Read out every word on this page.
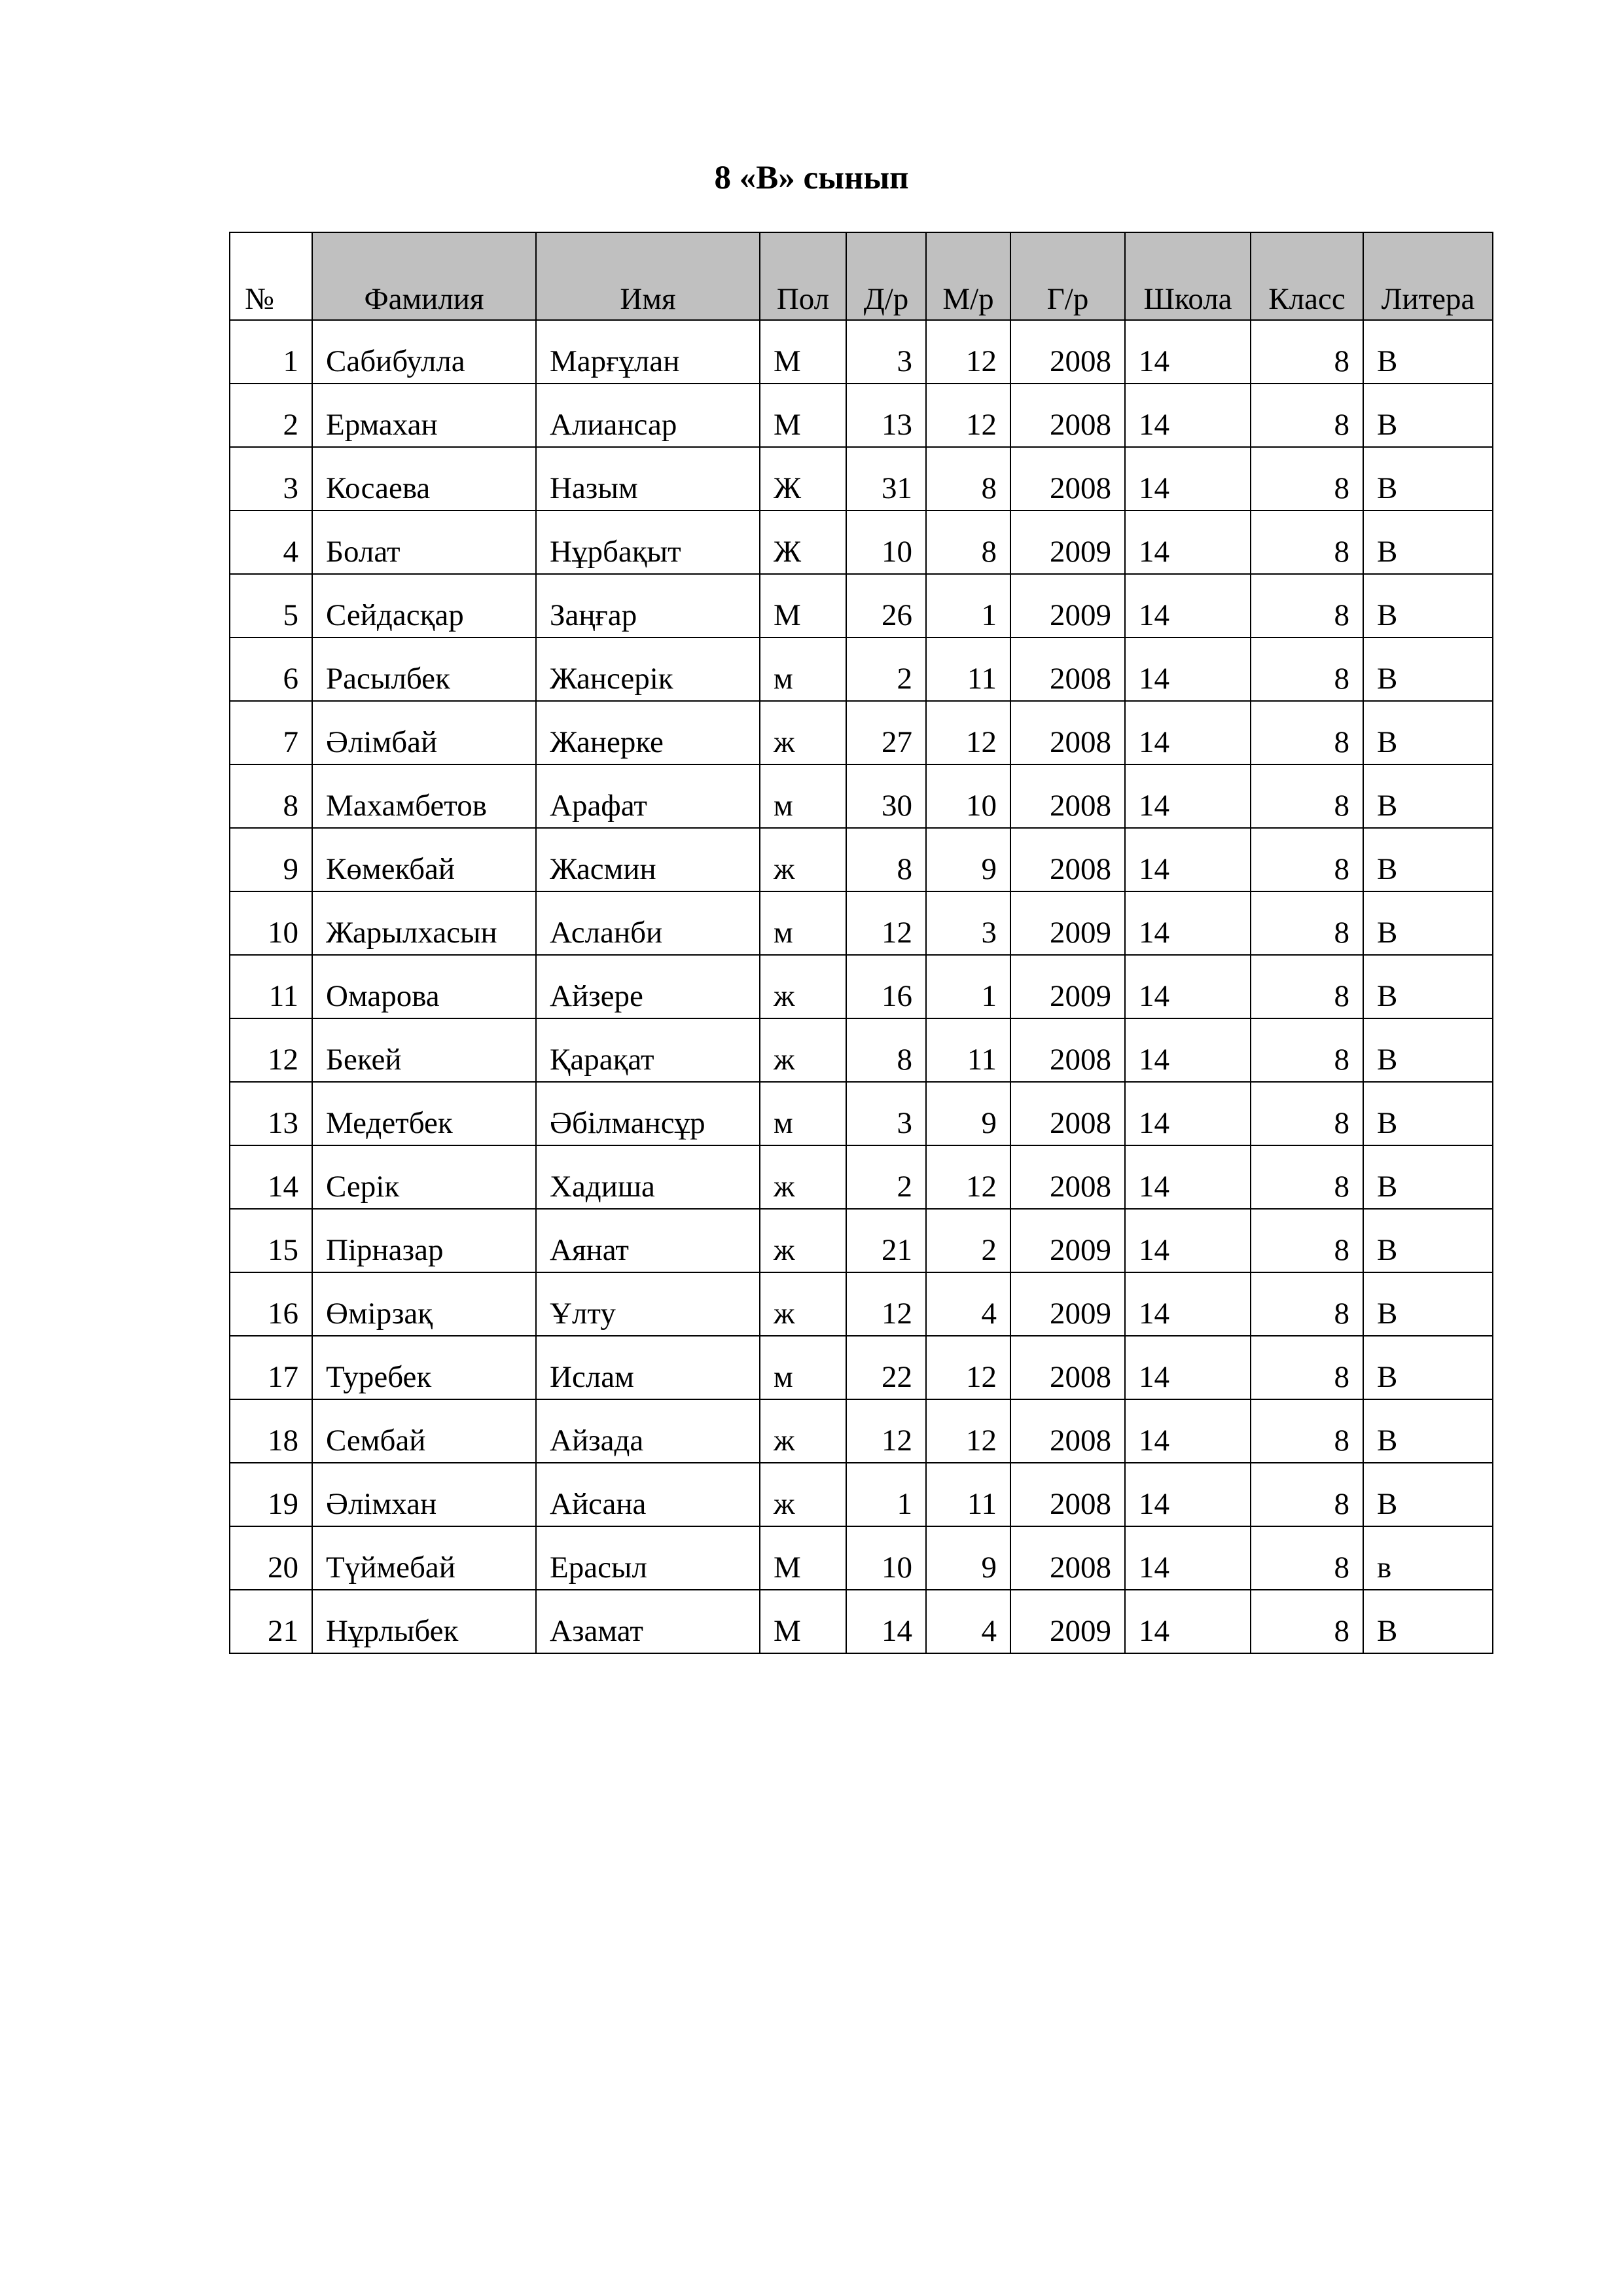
8 «В» сынып
№	Фамилия	Имя	Пол	Д/р	М/р	Г/р	Школа	Класс	Литера
1	Сабибулла	Марғұлан	М	3	12	2008	14	8	В
2	Ермахан	Алиансар	М	13	12	2008	14	8	В
3	Косаева	Назым	Ж	31	8	2008	14	8	В
4	Болат	Нұрбақыт	Ж	10	8	2009	14	8	В
5	Сейдасқар	Заңғар	М	26	1	2009	14	8	В
6	Расылбек	Жансерік	м	2	11	2008	14	8	В
7	Әлімбай	Жанерке	ж	27	12	2008	14	8	В
8	Махамбетов	Арафат	м	30	10	2008	14	8	В
9	Көмекбай	Жасмин	ж	8	9	2008	14	8	В
10	Жарылхасын	Асланби	м	12	3	2009	14	8	В
11	Омарова	Айзере	ж	16	1	2009	14	8	В
12	Бекей	Қарақат	ж	8	11	2008	14	8	В
13	Медетбек	Әбілмансұр	м	3	9	2008	14	8	В
14	Серік	Хадиша	ж	2	12	2008	14	8	В
15	Пірназар	Аянат	ж	21	2	2009	14	8	В
16	Өмірзақ	Ұлту	ж	12	4	2009	14	8	В
17	Туребек	Ислам	м	22	12	2008	14	8	В
18	Сембай	Айзада	ж	12	12	2008	14	8	В
19	Әлімхан	Айсана	ж	1	11	2008	14	8	В
20	Түймебай	Ерасыл	М	10	9	2008	14	8	в
21	Нұрлыбек	Азамат	М	14	4	2009	14	8	В
